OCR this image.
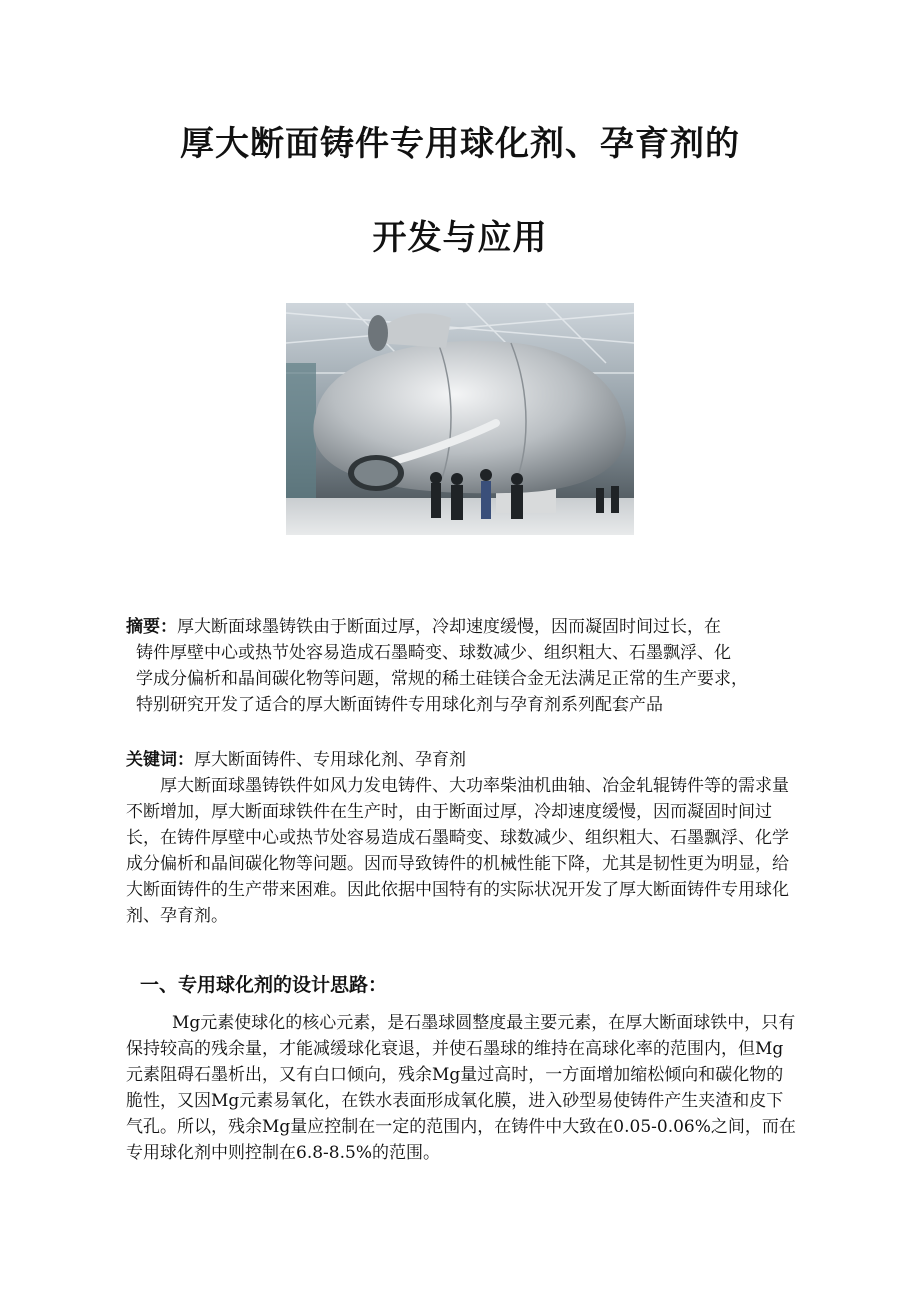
厚大断面铸件专用球化剂、孕育剂的
开发与应用
摘要：厚大断面球墨铸铁由于断面过厚，冷却速度缓慢，因而凝固时间过长，在
铸件厚壁中心或热节处容易造成石墨畸变、球数减少、组织粗大、石墨飘浮、化
学成分偏析和晶间碳化物等问题，常规的稀土硅镁合金无法满足正常的生产要求，
特别研究开发了适合的厚大断面铸件专用球化剂与孕育剂系列配套产品
关键词：厚大断面铸件、专用球化剂、孕育剂
厚大断面球墨铸铁件如风力发电铸件、大功率柴油机曲轴、冶金轧辊铸件等的需求量不断增加，厚大断面球铁件在生产时，由于断面过厚，冷却速度缓慢，因而凝固时间过长，在铸件厚壁中心或热节处容易造成石墨畸变、球数减少、组织粗大、石墨飘浮、化学成分偏析和晶间碳化物等问题。因而导致铸件的机械性能下降，尤其是韧性更为明显，给大断面铸件的生产带来困难。因此依据中国特有的实际状况开发了厚大断面铸件专用球化剂、孕育剂。
一、专用球化剂的设计思路：
Mg元素使球化的核心元素，是石墨球圆整度最主要元素，在厚大断面球铁中，只有保持较高的残余量，才能减缓球化衰退，并使石墨球的维持在高球化率的范围内，但Mg元素阻碍石墨析出，又有白口倾向，残余Mg量过高时，一方面增加缩松倾向和碳化物的脆性，又因Mg元素易氧化，在铁水表面形成氧化膜，进入砂型易使铸件产生夹渣和皮下气孔。所以，残余Mg量应控制在一定的范围内，在铸件中大致在0.05-0.06%之间，而在专用球化剂中则控制在6.8-8.5%的范围。
